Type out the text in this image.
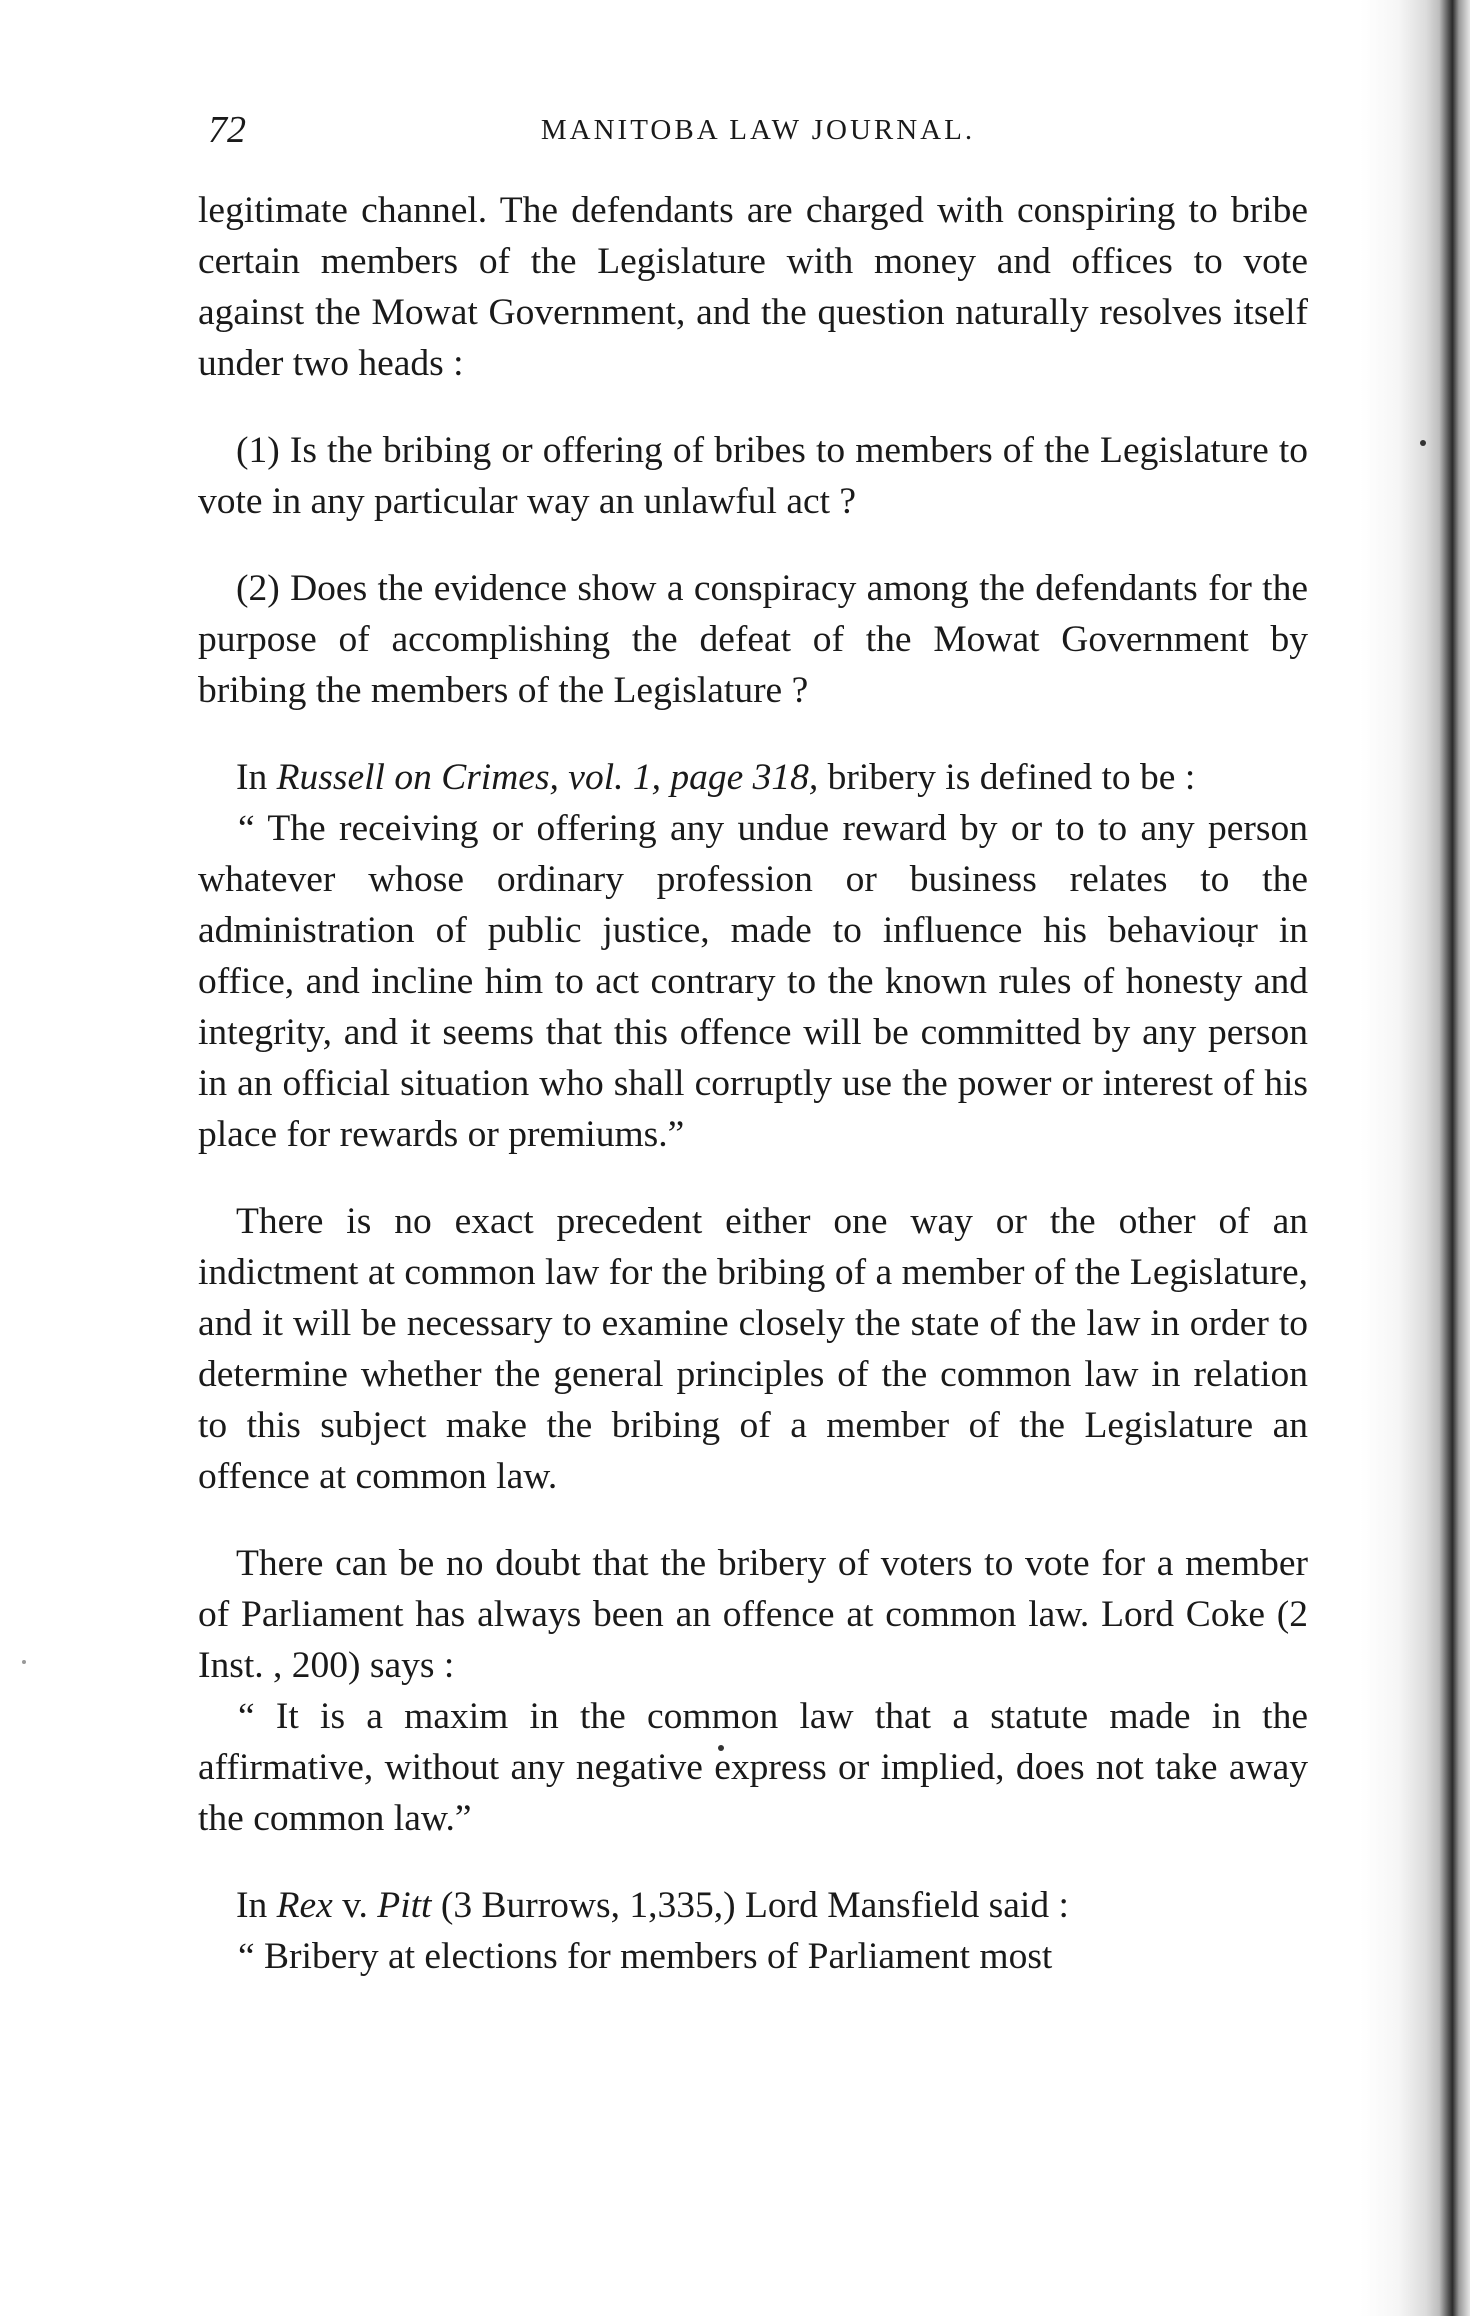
72	MANITOBA LAW JOURNAL.

legitimate channel. The defendants are charged with conspiring to bribe certain members of the Legislature with money and offices to vote against the Mowat Government, and the question naturally resolves itself under two heads :

(1) Is the bribing or offering of bribes to members of the Legislature to vote in any particular way an unlawful act ?

(2) Does the evidence show a conspiracy among the defendants for the purpose of accomplishing the defeat of the Mowat Government by bribing the members of the Legislature ?

In Russell on Crimes, vol. 1, page 318, bribery is defined to be :

“ The receiving or offering any undue reward by or to to any person whatever whose ordinary profession or business relates to the administration of public justice, made to influence his behaviour in office, and incline him to act contrary to the known rules of honesty and integrity, and it seems that this offence will be committed by any person in an official situation who shall corruptly use the power or interest of his place for rewards or premiums.”

There is no exact precedent either one way or the other of an indictment at common law for the bribing of a member of the Legislature, and it will be necessary to examine closely the state of the law in order to determine whether the general principles of the common law in relation to this subject make the bribing of a member of the Legislature an offence at common law.

There can be no doubt that the bribery of voters to vote for a member of Parliament has always been an offence at common law. Lord Coke (2 Inst. , 200) says :

“ It is a maxim in the common law that a statute made in the affirmative, without any negative express or implied, does not take away the common law.”

In Rex v. Pitt (3 Burrows, 1,335,) Lord Mansfield said :

“ Bribery at elections for members of Parliament most
